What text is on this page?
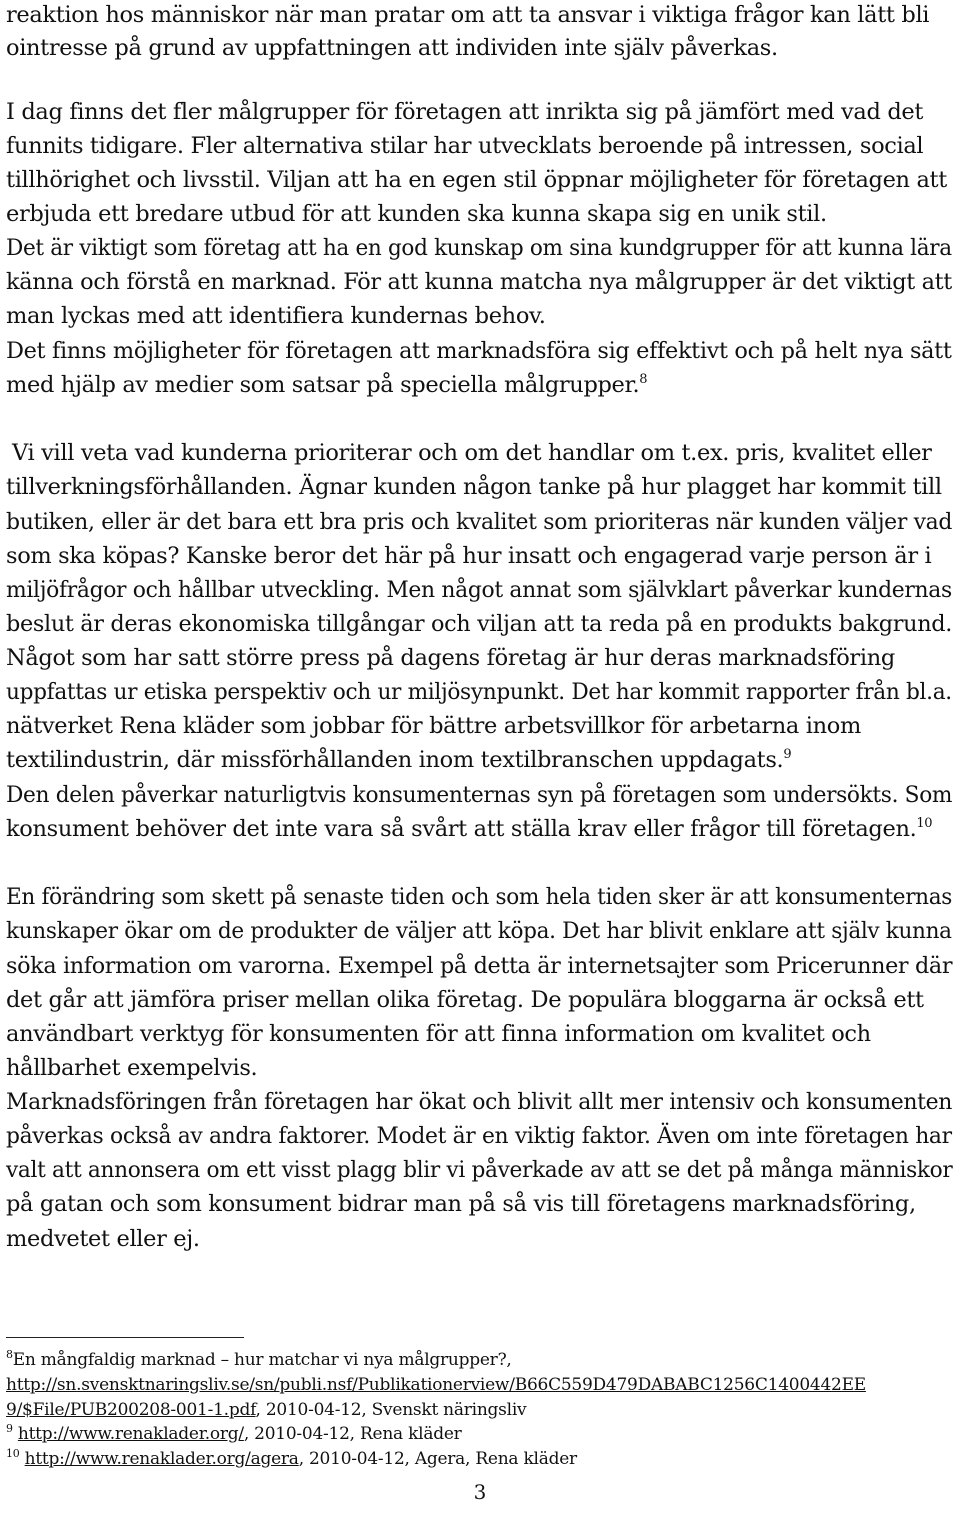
reaktion hos människor när man pratar om att ta ansvar i viktiga frågor kan lätt bli
ointresse på grund av uppfattningen att individen inte själv påverkas.
I dag finns det fler målgrupper för företagen att inrikta sig på jämfört med vad det
funnits tidigare. Fler alternativa stilar har utvecklats beroende på intressen, social
tillhörighet och livsstil. Viljan att ha en egen stil öppnar möjligheter för företagen att
erbjuda ett bredare utbud för att kunden ska kunna skapa sig en unik stil.
Det är viktigt som företag att ha en god kunskap om sina kundgrupper för att kunna lära
känna och förstå en marknad. För att kunna matcha nya målgrupper är det viktigt att
man lyckas med att identifiera kundernas behov.
Det finns möjligheter för företagen att marknadsföra sig effektivt och på helt nya sätt
med hjälp av medier som satsar på speciella målgrupper.$^8$
Vi vill veta vad kunderna prioriterar och om det handlar om t.ex. pris, kvalitet eller
tillverkningsförhållanden. Ägnar kunden någon tanke på hur plagget har kommit till
butiken, eller är det bara ett bra pris och kvalitet som prioriteras när kunden väljer vad
som ska köpas? Kanske beror det här på hur insatt och engagerad varje person är i
miljöfrågor och hållbar utveckling. Men något annat som självklart påverkar kundernas
beslut är deras ekonomiska tillgångar och viljan att ta reda på en produkts bakgrund.
Något som har satt större press på dagens företag är hur deras marknadsföring
uppfattas ur etiska perspektiv och ur miljösynpunkt. Det har kommit rapporter från bl.a.
nätverket Rena kläder som jobbar för bättre arbetsvillkor för arbetarna inom
textilindustrin, där missförhållanden inom textilbranschen uppdagats.$^9$
Den delen påverkar naturligtvis konsumenternas syn på företagen som undersökts. Som
konsument behöver det inte vara så svårt att ställa krav eller frågor till företagen.$^{10}$
En förändring som skett på senaste tiden och som hela tiden sker är att konsumenternas
kunskaper ökar om de produkter de väljer att köpa. Det har blivit enklare att själv kunna
söka information om varorna. Exempel på detta är internetsajter som Pricerunner där
det går att jämföra priser mellan olika företag. De populära bloggarna är också ett
användbart verktyg för konsumenten för att finna information om kvalitet och
hållbarhet exempelvis.
Marknadsföringen från företagen har ökat och blivit allt mer intensiv och konsumenten
påverkas också av andra faktorer. Modet är en viktig faktor. Även om inte företagen har
valt att annonsera om ett visst plagg blir vi påverkade av att se det på många människor
på gatan och som konsument bidrar man på så vis till företagens marknadsföring,
medvetet eller ej.
$^8$En mångfaldig marknad – hur matchar vi nya målgrupper?,
http://sn.svensktnaringsliv.se/sn/publi.nsf/Publikationerview/B66C559D479DABABC1256C1400442EE
9/$File/PUB200208-001-1.pdf, 2010-04-12, Svenskt näringsliv
$^9$ http://www.renaklader.org/, 2010-04-12, Rena kläder
$^{10}$ http://www.renaklader.org/agera, 2010-04-12, Agera, Rena kläder
3
